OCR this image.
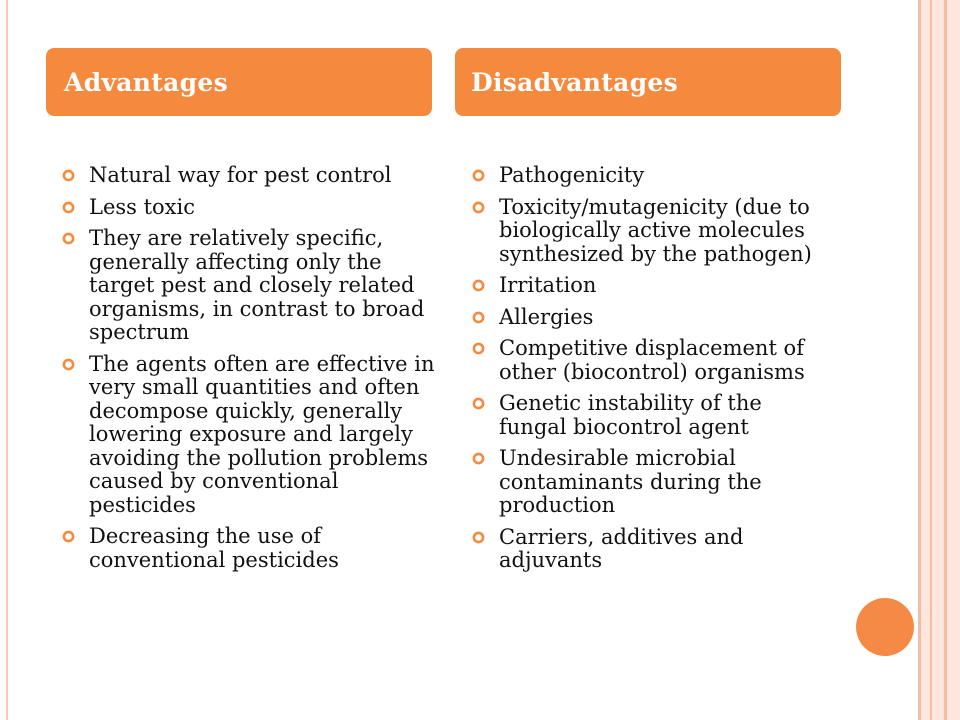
Advantages	Disadvantages
Natural way for pest control
Less toxic
They are relatively specific, generally affecting only the target pest and closely related organisms, in contrast to broad spectrum
The agents often are effective in very small quantities and often decompose quickly, generally lowering exposure and largely avoiding the pollution problems caused by conventional pesticides
Decreasing the use of conventional pesticides
Pathogenicity
Toxicity/mutagenicity (due to biologically active molecules synthesized by the pathogen)
Irritation
Allergies
Competitive displacement of other (biocontrol) organisms
Genetic instability of the fungal biocontrol agent
Undesirable microbial contaminants during the production
Carriers, additives and adjuvants
